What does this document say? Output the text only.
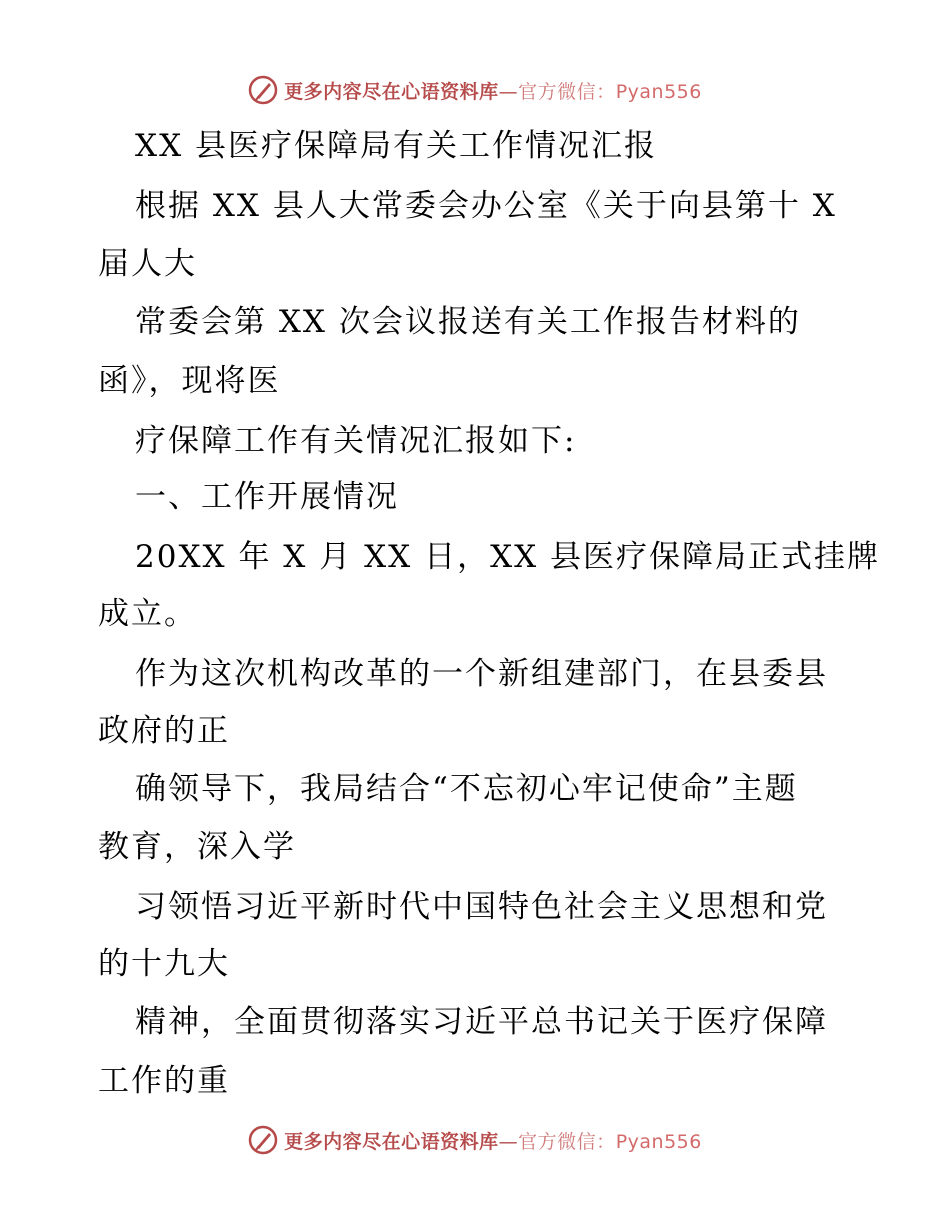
更多内容尽在心语资料库—官方微信：Pyan556
XX 县医疗保障局有关工作情况汇报
根据 XX 县人大常委会办公室《关于向县第十 X
届人大
常委会第 XX 次会议报送有关工作报告材料的
函》，现将医
疗保障工作有关情况汇报如下:
一、工作开展情况
20XX 年 X 月 XX 日，XX 县医疗保障局正式挂牌
成立。
作为这次机构改革的一个新组建部门，在县委县
政府的正
确领导下，我局结合“不忘初心牢记使命”主题
教育，深入学
习领悟习近平新时代中国特色社会主义思想和党
的十九大
精神，全面贯彻落实习近平总书记关于医疗保障
工作的重
更多内容尽在心语资料库—官方微信：Pyan556
